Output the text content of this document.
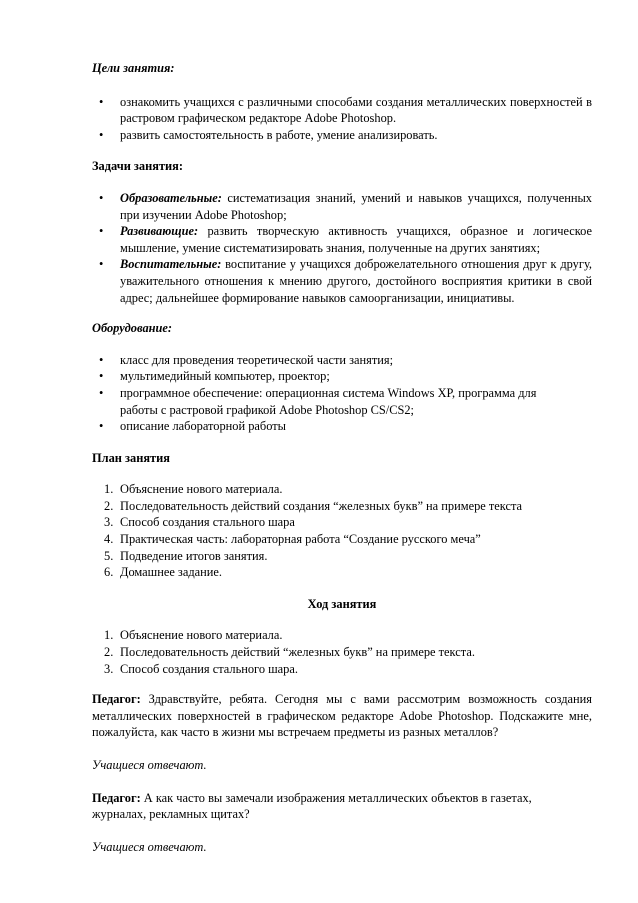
Цели занятия:
• ознакомить учащихся с различными способами создания металлических поверхностей в растровом графическом редакторе Adobe Photoshop.
• развить самостоятельность в работе, умение анализировать.
Задачи занятия:
• Образовательные: систематизация знаний, умений и навыков учащихся, полученных при изучении Adobe Photoshop;
• Развивающие: развить творческую активность учащихся, образное и логическое мышление, умение систематизировать знания, полученные на других занятиях;
• Воспитательные: воспитание у учащихся доброжелательного отношения друг к другу, уважительного отношения к мнению другого, достойного восприятия критики в свой адрес; дальнейшее формирование навыков самоорганизации, инициативы.
Оборудование:
• класс для проведения теоретической части занятия;
• мультимедийный компьютер, проектор;
• программное обеспечение: операционная система Windows XP, программа для работы с растровой графикой Adobe Photoshop CS/CS2;
• описание лабораторной работы
План занятия
1. Объяснение нового материала.
2. Последовательность действий создания “железных букв” на примере текста
3. Способ создания стального шара
4. Практическая часть: лабораторная работа “Создание русского меча”
5. Подведение итогов занятия.
6. Домашнее задание.
Ход занятия
1. Объяснение нового материала.
2. Последовательность действий “железных букв” на примере текста.
3. Способ создания стального шара.

Педагог: Здравствуйте, ребята. Сегодня мы с вами рассмотрим возможность создания металлических поверхностей в графическом редакторе Adobe Photoshop. Подскажите мне, пожалуйста, как часто в жизни мы встречаем предметы из разных металлов?

Учащиеся отвечают.

Педагог: А как часто вы замечали изображения металлических объектов в газетах, журналах, рекламных щитах?

Учащиеся отвечают.
